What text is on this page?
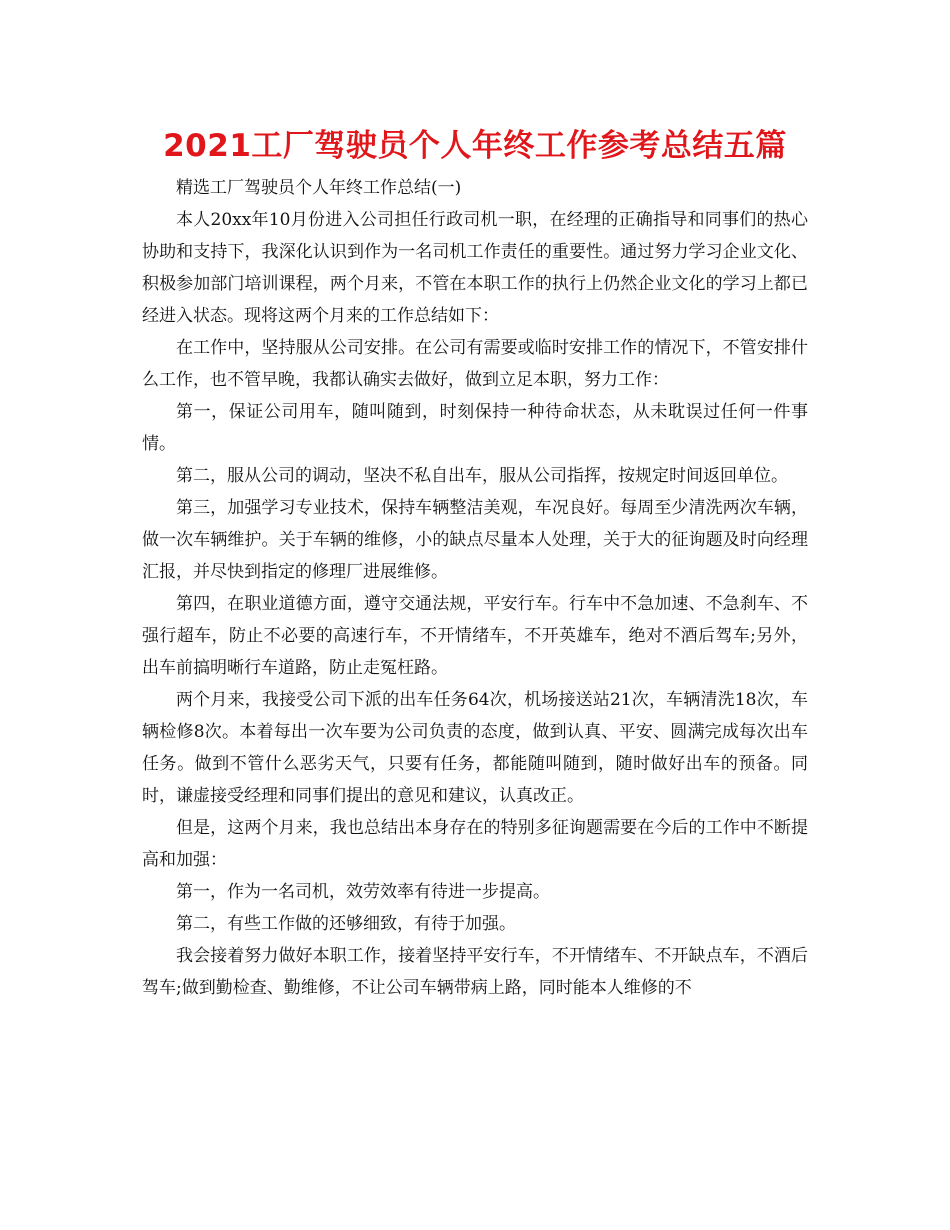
2021工厂驾驶员个人年终工作参考总结五篇

精选工厂驾驶员个人年终工作总结(一)

本人20xx年10月份进入公司担任行政司机一职，在经理的正确指导和同事们的热心协助和支持下，我深化认识到作为一名司机工作责任的重要性。通过努力学习企业文化、积极参加部门培训课程，两个月来，不管在本职工作的执行上仍然企业文化的学习上都已经进入状态。现将这两个月来的工作总结如下：

在工作中，坚持服从公司安排。在公司有需要或临时安排工作的情况下，不管安排什么工作，也不管早晚，我都认确实去做好，做到立足本职，努力工作：

第一，保证公司用车，随叫随到，时刻保持一种待命状态，从未耽误过任何一件事情。

第二，服从公司的调动，坚决不私自出车，服从公司指挥，按规定时间返回单位。

第三，加强学习专业技术，保持车辆整洁美观，车况良好。每周至少清洗两次车辆，做一次车辆维护。关于车辆的维修，小的缺点尽量本人处理，关于大的征询题及时向经理汇报，并尽快到指定的修理厂进展维修。

第四，在职业道德方面，遵守交通法规，平安行车。行车中不急加速、不急刹车、不强行超车，防止不必要的高速行车，不开情绪车，不开英雄车，绝对不酒后驾车;另外，出车前搞明晰行车道路，防止走冤枉路。

两个月来，我接受公司下派的出车任务64次，机场接送站21次，车辆清洗18次，车辆检修8次。本着每出一次车要为公司负责的态度，做到认真、平安、圆满完成每次出车任务。做到不管什么恶劣天气，只要有任务，都能随叫随到，随时做好出车的预备。同时，谦虚接受经理和同事们提出的意见和建议，认真改正。

但是，这两个月来，我也总结出本身存在的特别多征询题需要在今后的工作中不断提高和加强：

第一，作为一名司机，效劳效率有待进一步提高。

第二，有些工作做的还够细致，有待于加强。

我会接着努力做好本职工作，接着坚持平安行车，不开情绪车、不开缺点车，不酒后驾车;做到勤检查、勤维修，不让公司车辆带病上路，同时能本人维修的不
